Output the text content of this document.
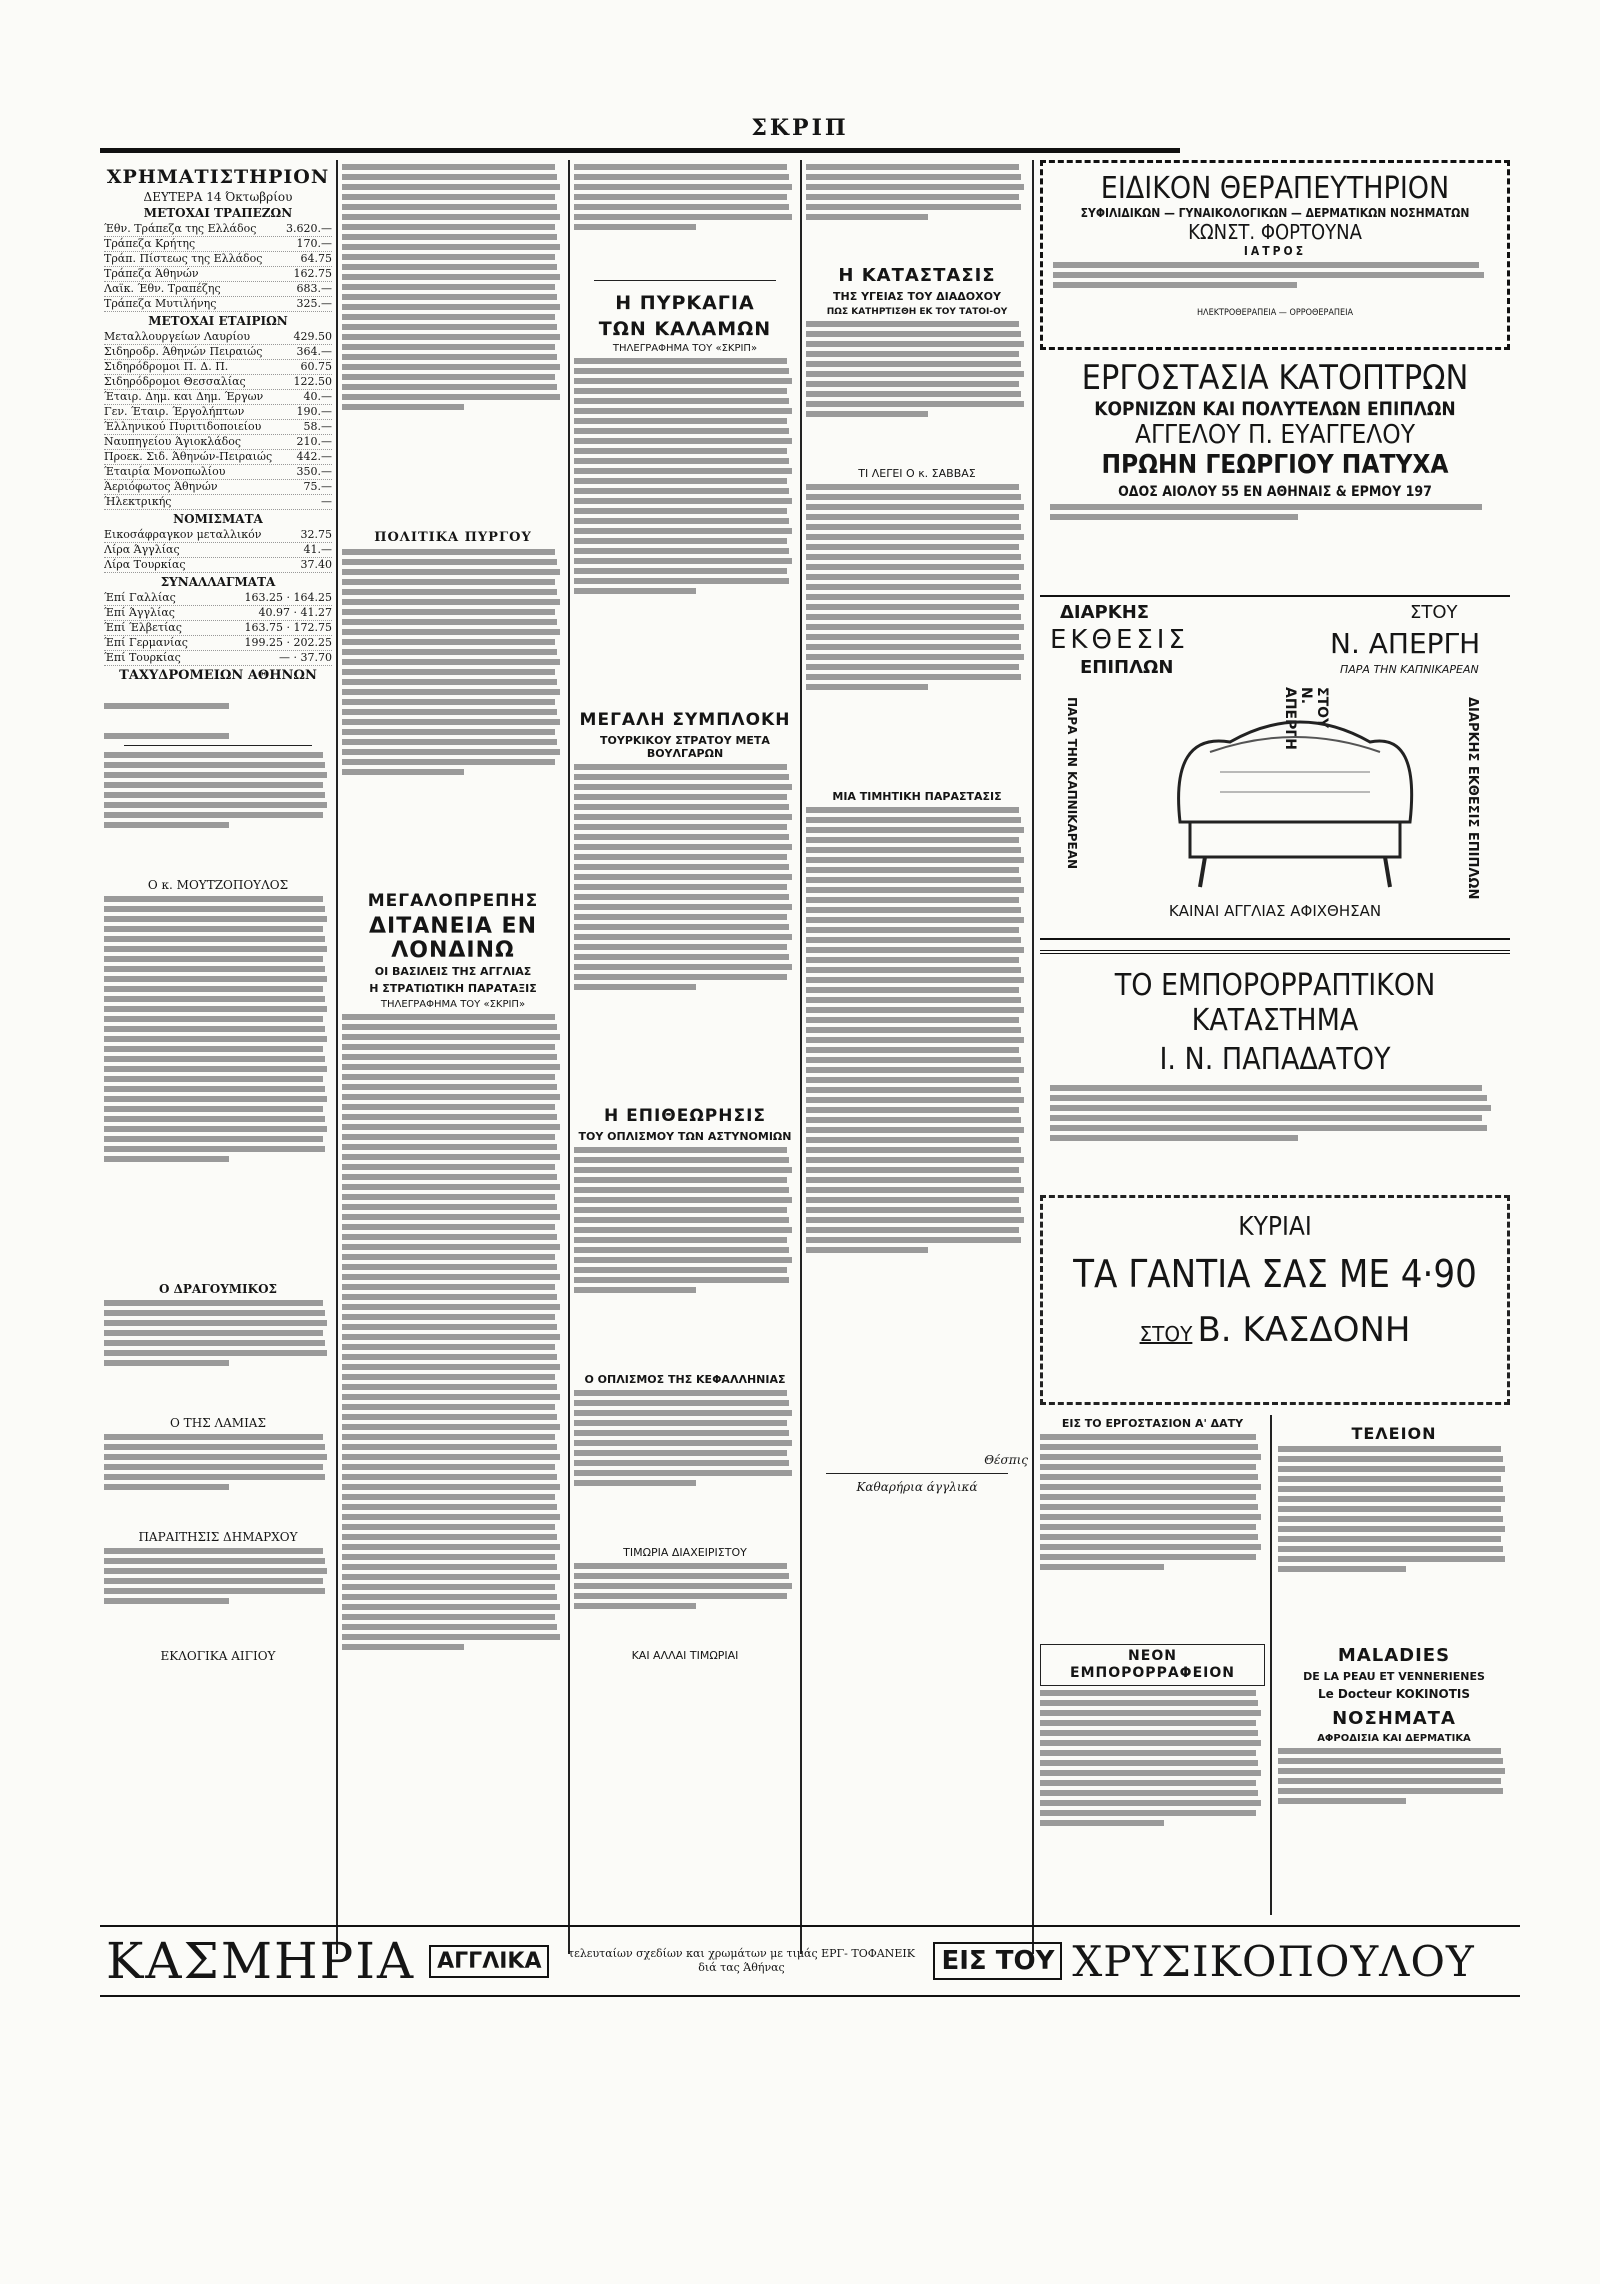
ΣΚΡΙΠ
ΧΡΗΜΑΤΙΣΤΗΡΙΟΝ
ΔΕΥΤΕΡΑ 14 Όκτωβρίου
ΜΕΤΟΧΑΙ ΤΡΑΠΕΖΩΝ
Έθν. Τράπεζα της Ελλάδος	3.620.—
Τράπεζα Κρήτης	170.—
Τράπ. Πίστεως της Ελλάδος	64.75
Τράπεζα Άθηνών	162.75
Λαϊκ. Έθν. Τραπέζης	683.—
Τράπεζα Μυτιλήνης	325.—
ΜΕΤΟΧΑΙ ΕΤΑΙΡΙΩΝ
Μεταλλουργείων Λαυρίου	429.50
Σιδηροδρ. Άθηνών Πειραιώς	364.—
Σιδηρόδρομοι Π. Δ. Π.	60.75
Σιδηρόδρομοι Θεσσαλίας	122.50
Έταιρ. Δημ. και Δημ. Έργων	40.—
Γεν. Έταιρ. Έργολήπτων	190.—
Έλληνικού Πυριτιδοποιείου	58.—
Ναυπηγείου Άγιοκλάδος	210.—
Προεκ. Σιδ. Άθηνών-Πειραιώς 442.—
Έταιρία Μονοπωλίου	350.—
Άεριόφωτος Άθηνών	75.—
Ήλεκτρικής	—
ΝΟΜΙΣΜΑΤΑ
Εικοσάφραγκον μεταλλικόν	32.75
Λίρα Άγγλίας	41.—
Λίρα Τουρκίας	37.40
ΣΥΝΑΛΛΑΓΜΑΤΑ
Έπί Γαλλίας	163.25 · 164.25
Έπί Άγγλίας	40.97 · 41.27
Έπί Έλβετίας	163.75 · 172.75
Έπί Γερμανίας	199.25 · 202.25
Έπί Τουρκίας	— · 37.70
ΤΑΧΥΔΡΟΜΕΙΩΝ ΑΘΗΝΩΝ

Ο κ. ΜΟΥΤΖΟΠΟΥΛΟΣ
Ο ΔΡΑΓΟΥΜΙΚΟΣ
Ο ΤΗΣ ΛΑΜΙΑΣ
ΠΑΡΑΙΤΗΣΙΣ ΔΗΜΑΡΧΟΥ
ΕΚΛΟΓΙΚΑ ΑΙΓΙΟΥ
ΠΟΛΙΤΙΚΑ ΠΥΡΓΟΥ
ΜΕΓΑΛΟΠΡΕΠΗΣ
ΔΙΤΑΝΕΙΑ ΕΝ ΛΟΝΔΙΝΩ
ΟΙ ΒΑΣΙΛΕΙΣ ΤΗΣ ΑΓΓΛΙΑΣ
Η ΣΤΡΑΤΙΩΤΙΚΗ ΠΑΡΑΤΑΞΙΣ
ΤΗΛΕΓΡΑΦΗΜΑ ΤΟΥ «ΣΚΡΙΠ»
Η ΠΥΡΚΑΓΙΑ
ΤΩΝ ΚΑΛΑΜΩΝ
ΤΗΛΕΓΡΑΦΗΜΑ ΤΟΥ «ΣΚΡΙΠ»
ΜΕΓΑΛΗ ΣΥΜΠΛΟΚΗ
ΤΟΥΡΚΙΚΟΥ ΣΤΡΑΤΟΥ ΜΕΤΑ ΒΟΥΛΓΑΡΩΝ
Η ΕΠΙΘΕΩΡΗΣΙΣ
ΤΟΥ ΟΠΛΙΣΜΟΥ ΤΩΝ ΑΣΤΥΝΟΜΙΩΝ
Ο ΟΠΛΙΣΜΟΣ ΤΗΣ ΚΕΦΑΛΛΗΝΙΑΣ
ΤΙΜΩΡΙΑ ΔΙΑΧΕΙΡΙΣΤΟΥ
ΚΑΙ ΑΛΛΑΙ ΤΙΜΩΡΙΑΙ
Η ΚΑΤΑΣΤΑΣΙΣ
ΤΗΣ ΥΓΕΙΑΣ ΤΟΥ ΔΙΑΔΟΧΟΥ
ΠΩΣ ΚΑΤΗΡΤΙΣΘΗ ΕΚ ΤΟΥ ΤΑΤΟΙ-ΟΥ
ΤΙ ΛΕΓΕΙ Ο κ. ΣΑΒΒΑΣ
ΜΙΑ ΤΙΜΗΤΙΚΗ ΠΑΡΑΣΤΑΣΙΣ
Θέσπις
Καθαρήρια άγγλικά
ΕΙΔΙΚΟΝ ΘΕΡΑΠΕΥΤΗΡΙΟΝ
ΣΥΦΙΛΙΔΙΚΩΝ — ΓΥΝΑΙΚΟΛΟΓΙΚΩΝ — ΔΕΡΜΑΤΙΚΩΝ ΝΟΣΗΜΑΤΩΝ
ΚΩΝΣΤ. ΦΟΡΤΟΥΝΑ
ΙΑΤΡΟΣ
ΗΛΕΚΤΡΟΘΕΡΑΠΕΙΑ — ΟΡΡΟΘΕΡΑΠΕΙΑ
ΕΡΓΟΣΤΑΣΙΑ ΚΑΤΟΠΤΡΩΝ
ΚΟΡΝΙΖΩΝ ΚΑΙ ΠΟΛΥΤΕΛΩΝ ΕΠΙΠΛΩΝ
ΑΓΓΕΛΟΥ Π. ΕΥΑΓΓΕΛΟΥ
ΠΡΩΗΝ ΓΕΩΡΓΙΟΥ ΠΑΤΥΧΑ
ΟΔΟΣ ΑΙΟΛΟΥ 55 ΕΝ ΑΘΗΝΑΙΣ & ΕΡΜΟΥ 197
ΔΙΑΡΚΗΣ
ΕΚΘΕΣΙΣ
ΕΠΙΠΛΩΝ
ΣΤΟΥ
Ν. ΑΠΕΡΓΗ
ΠΑΡΑ ΤΗΝ ΚΑΠΝΙΚΑΡΕΑΝ
ΣΤΟΥ Ν. ΑΠΕΡΓΗ
ΠΑΡΑ ΤΗΝ ΚΑΠΝΙΚΑΡΕΑΝ	ΔΙΑΡΚΗΣ ΕΚΘΕΣΙΣ ΕΠΙΠΛΩΝ
ΚΑΙΝΑΙ ΑΓΓΛΙΑΣ ΑΦΙΧΘΗΣΑΝ
ΤΟ ΕΜΠΟΡΟΡΡΑΠΤΙΚΟΝ ΚΑΤΑΣΤΗΜΑ
Ι. Ν. ΠΑΠΑΔΑΤΟΥ
ΚΥΡΙΑΙ
ΤΑ ΓΑΝΤΙΑ ΣΑΣ ΜΕ 4·90
ΣΤΟΥ Β. ΚΑΣΔΟΝΗ
ΕΙΣ ΤΟ ΕΡΓΟΣΤΑΣΙΟΝ Α' ΔΑΤΥ
ΝΕΟΝ ΕΜΠΟΡΟΡΡΑΦΕΙΟΝ
ΤΕΛΕΙΟΝ
MALADIES
DE LA PEAU ET VENNERIENES
Le Docteur KOKINOTIS
ΝΟΣΗΜΑΤΑ
ΑΦΡΟΔΙΣΙΑ ΚΑΙ ΔΕΡΜΑΤΙΚΑ
ΚΑΣΜΗΡΙΑ	ΑΓΓΛΙΚΑ	τελευταίων σχεδίων και χρωμάτων με τιμάς ΕΡΓ- ΤΟΦΑΝΕΙΚ διά τας Άθήνας	ΕΙΣ ΤΟΥ ΧΡΥΣΙΚΟΠΟΥΛΟΥ
